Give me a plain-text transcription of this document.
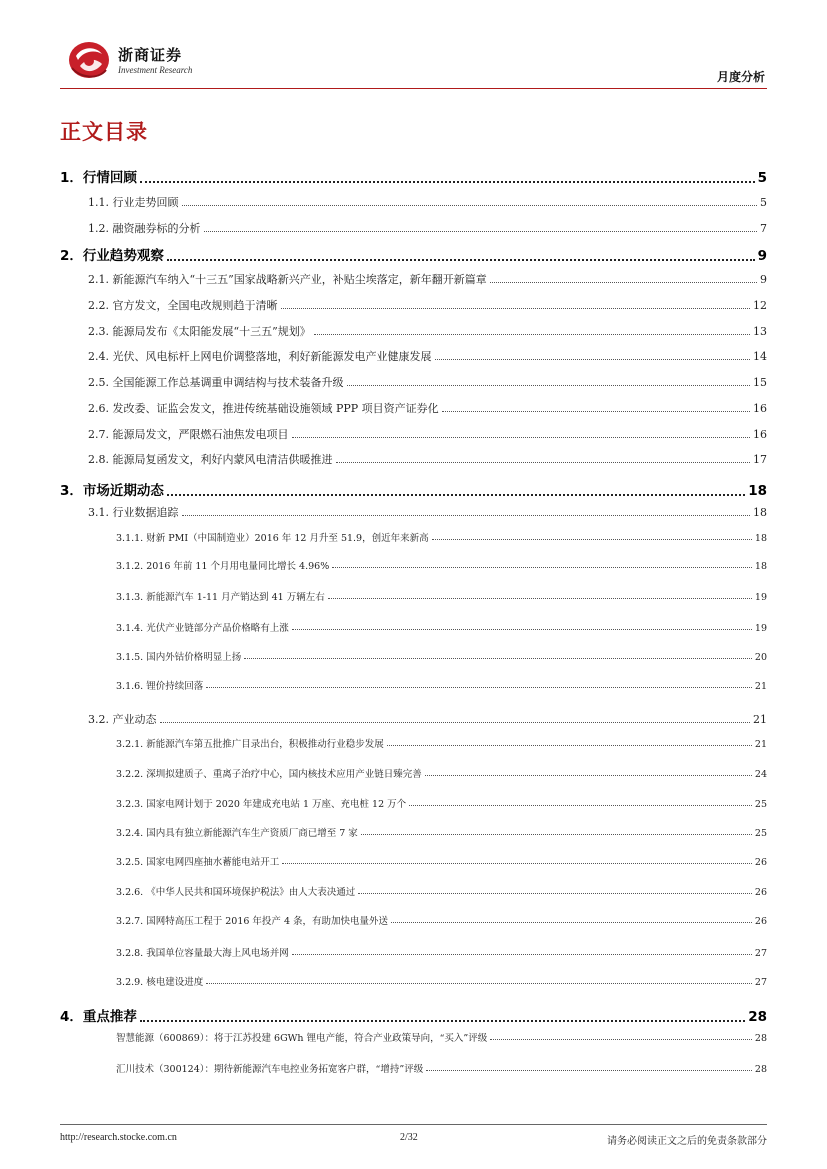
浙商证券
Investment Research	月度分析
正文目录
1．行情回顾	5
1.1. 行业走势回顾	5
1.2. 融资融券标的分析	7
2．行业趋势观察	9
2.1. 新能源汽车纳入“十三五”国家战略新兴产业，补贴尘埃落定，新年翻开新篇章	9
2.2. 官方发文，全国电改规则趋于清晰	12
2.3. 能源局发布《太阳能发展“十三五”规划》	13
2.4. 光伏、风电标杆上网电价调整落地，利好新能源发电产业健康发展	14
2.5. 全国能源工作总基调重申调结构与技术装备升级	15
2.6. 发改委、证监会发文，推进传统基础设施领域 PPP 项目资产证券化	16
2.7. 能源局发文，严限燃石油焦发电项目	16
2.8. 能源局复函发文，利好内蒙风电清洁供暖推进	17
3．市场近期动态	18
3.1. 行业数据追踪	18
3.1.1. 财新 PMI（中国制造业）2016 年 12 月升至 51.9，创近年来新高	18
3.1.2. 2016 年前 11 个月用电量同比增长 4.96%	18
3.1.3. 新能源汽车 1-11 月产销达到 41 万辆左右	19
3.1.4. 光伏产业链部分产品价格略有上涨	19
3.1.5. 国内外钴价格明显上扬	20
3.1.6. 锂价持续回落	21
3.2. 产业动态	21
3.2.1. 新能源汽车第五批推广目录出台，积极推动行业稳步发展	21
3.2.2. 深圳拟建质子、重离子治疗中心，国内核技术应用产业链日臻完善	24
3.2.3. 国家电网计划于 2020 年建成充电站 1 万座、充电桩 12 万个	25
3.2.4. 国内具有独立新能源汽车生产资质厂商已增至 7 家	25
3.2.5. 国家电网四座抽水蓄能电站开工	26
3.2.6. 《中华人民共和国环境保护税法》由人大表决通过	26
3.2.7. 国网特高压工程于 2016 年投产 4 条，有助加快电量外送	26
3.2.8. 我国单位容量最大海上风电场并网	27
3.2.9. 核电建设进度	27
4．重点推荐	28
智慧能源（600869）：将于江苏投建 6GWh 锂电产能，符合产业政策导向，“买入”评级	28
汇川技术（300124）：期待新能源汽车电控业务拓宽客户群，“增持”评级	28
http://research.stocke.com.cn	2/32	请务必阅读正文之后的免责条款部分
